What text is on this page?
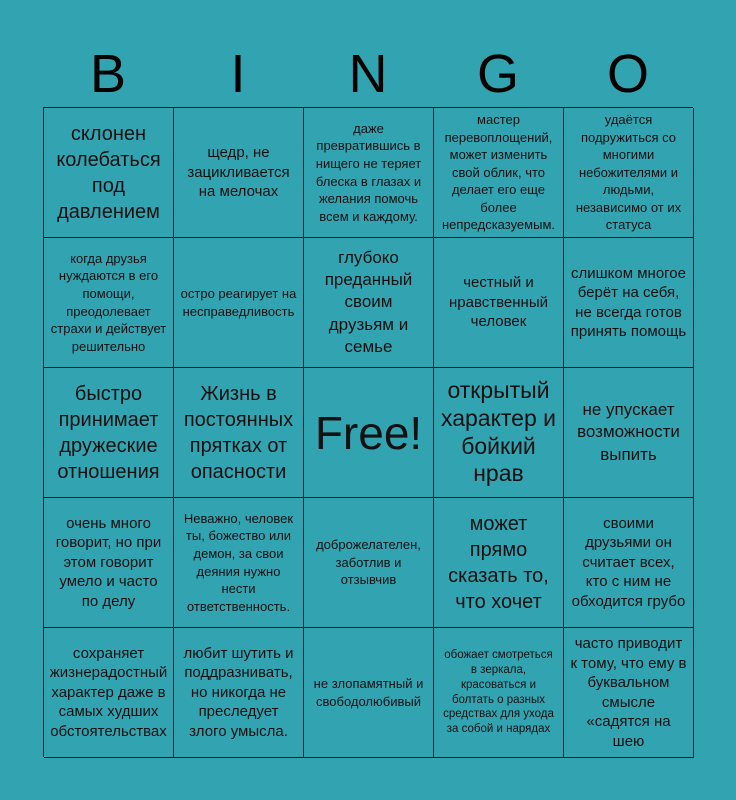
B	I	N	G	O
склонен колебаться под давлением
щедр, не зацикливается на мелочах
даже превратившись в нищего не теряет блеска в глазах и желания помочь всем и каждому.
мастер перевоплощений, может изменить свой облик, что делает его еще более непредсказуемым.
удаётся подружиться со многими небожителями и людьми, независимо от их статуса
когда друзья нуждаются в его помощи, преодолевает страхи и действует решительно
остро реагирует на несправедливость
глубоко преданный своим друзьям и семье
честный и нравственный человек
слишком многое берёт на себя, не всегда готов принять помощь
быстро принимает дружеские отношения
Жизнь в постоянных прятках от опасности
Free!
открытый характер и бойкий нрав
не упускает возможности выпить
очень много говорит, но при этом говорит умело и часто по делу
Неважно, человек ты, божество или демон, за свои деяния нужно нести ответственность.
доброжелателен, заботлив и отзывчив
может прямо сказать то, что хочет
своими друзьями он считает всех, кто с ним не обходится грубо
сохраняет жизнерадостный характер даже в самых худших обстоятельствах
любит шутить и поддразнивать, но никогда не преследует злого умысла.
не злопамятный и свободолюбивый
обожает смотреться в зеркала, красоваться и болтать о разных средствах для ухода за собой и нарядах
часто приводит к тому, что ему в буквальном смысле «садятся на шею
